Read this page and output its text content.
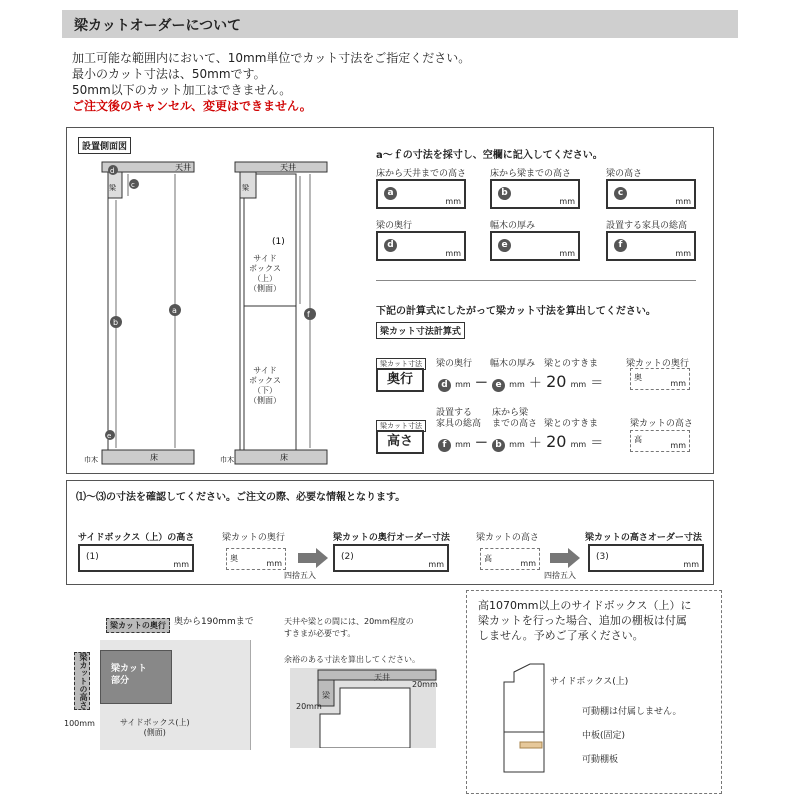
梁カットオーダーについて
加工可能な範囲内において、10mm単位でカット寸法をご指定ください。
最小のカット寸法は、50mmです。
50mm以下のカット加工はできません。
ご注文後のキャンセル、変更はできません。
設置側面図
天井
梁
床
a
b
c
d
e
巾木
天井
梁
床
(1)
f
巾木
サイド
ボックス
（上）
（側面）
サイド
ボックス
（下）
（側面）
a～ｆの寸法を採寸し、空欄に記入してください。
床から天井までの高さ
a
mm
床から梁までの高さ
b
mm
梁の高さ
c
mm
梁の奥行
d
mm
幅木の厚み
e
mm
設置する家具の総高
f
mm
下記の計算式にしたがって梁カット寸法を算出してください。
梁カット寸法計算式
梁カット寸法
奥行
梁の奥行 幅木の厚み 梁とのすきま	梁カットの奥行
d mm － e mm ＋ 20 mm ＝	奥
mm
梁カット寸法
高さ
設置する
家具の総高
床から梁
までの高さ 梁とのすきま	梁カットの高さ
f mm － b mm ＋ 20 mm ＝	高
mm
⑴～⑶の寸法を確認してください。ご注文の際、必要な情報となります。
サイドボックス（上）の高さ
(1)
mm
梁カットの奥行
奥
mm
四捨五入
梁カットの奥行オーダー寸法
(2)
mm
梁カットの高さ
高
mm
四捨五入
梁カットの高さオーダー寸法
(3)
mm
梁カットの奥行 奥から190mmまで
梁カットの高さ	梁カット
部分
サイドボックス(上)
(側面)
100mm
天井や梁との間には、20mm程度の
すきまが必要です。
余裕のある寸法を算出してください。
天井
梁
20mm
20mm
高1070mm以上のサイドボックス（上）に
梁カットを行った場合、追加の棚板は付属
しません。予めご了承ください。
サイドボックス(上)
可動棚は付属しません。
中板(固定)
可動棚板
